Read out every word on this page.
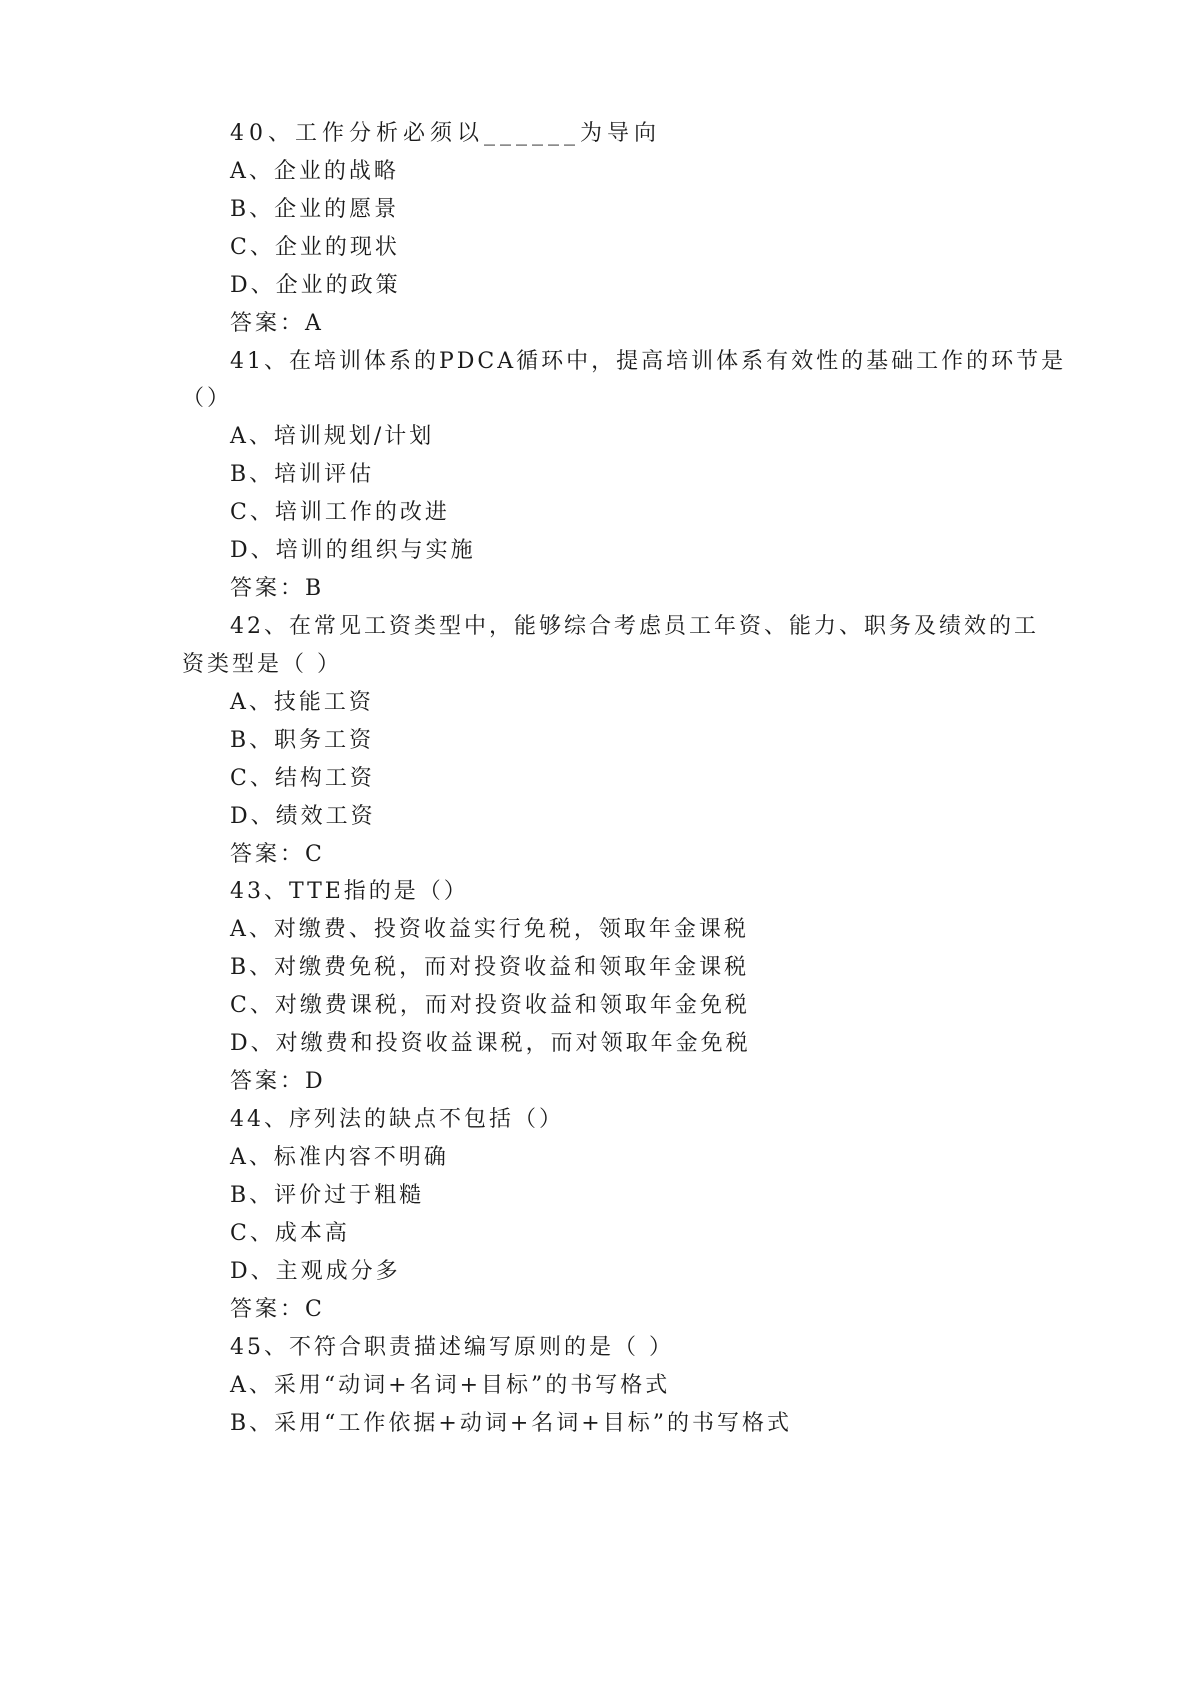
40、工作分析必须以______为导向
A、企业的战略
B、企业的愿景
C、企业的现状
D、企业的政策
答案：A
41、在培训体系的PDCA循环中，提高培训体系有效性的基础工作的环节是
（）
A、培训规划/计划
B、培训评估
C、培训工作的改进
D、培训的组织与实施
答案：B
42、在常见工资类型中，能够综合考虑员工年资、能力、职务及绩效的工
资类型是（ ）
A、技能工资
B、职务工资
C、结构工资
D、绩效工资
答案：C
43、TTE指的是（）
A、对缴费、投资收益实行免税，领取年金课税
B、对缴费免税，而对投资收益和领取年金课税
C、对缴费课税，而对投资收益和领取年金免税
D、对缴费和投资收益课税，而对领取年金免税
答案：D
44、序列法的缺点不包括（）
A、标准内容不明确
B、评价过于粗糙
C、成本高
D、主观成分多
答案：C
45、不符合职责描述编写原则的是（ ）
A、采用“动词+名词+目标”的书写格式
B、采用“工作依据+动词+名词+目标”的书写格式
